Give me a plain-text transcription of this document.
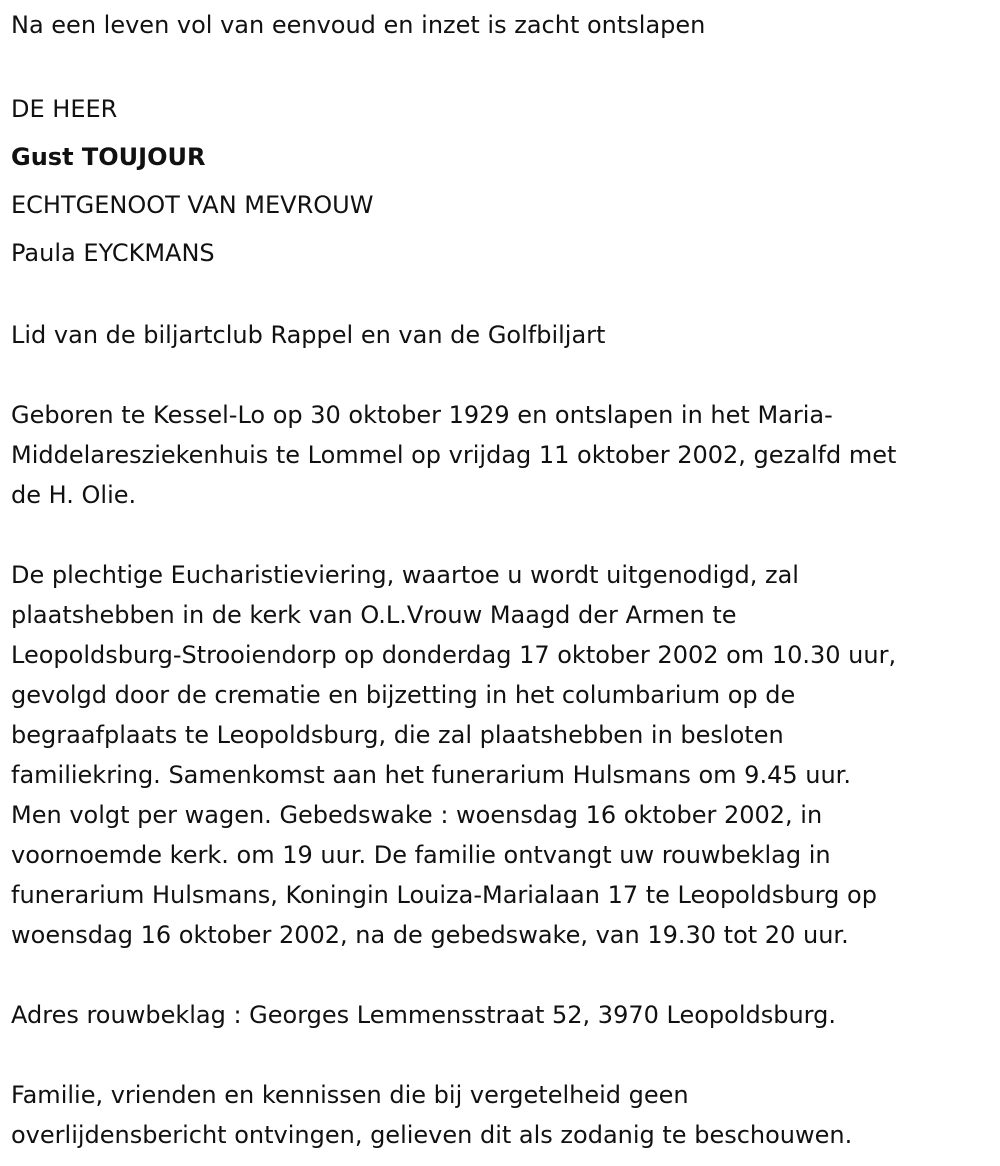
Na een leven vol van eenvoud en inzet is zacht ontslapen

DE HEER

Gust TOUJOUR

ECHTGENOOT VAN MEVROUW

Paula EYCKMANS

Lid van de biljartclub Rappel en van de Golfbiljart

Geboren te Kessel-Lo op 30 oktober 1929 en ontslapen in het Maria-

Middelaresziekenhuis te Lommel op vrijdag 11 oktober 2002, gezalfd met

de H. Olie.

De plechtige Eucharistieviering, waartoe u wordt uitgenodigd, zal

plaatshebben in de kerk van O.L.Vrouw Maagd der Armen te

Leopoldsburg-Strooiendorp op donderdag 17 oktober 2002 om 10.30 uur,

gevolgd door de crematie en bijzetting in het columbarium op de

begraafplaats te Leopoldsburg, die zal plaatshebben in besloten

familiekring. Samenkomst aan het funerarium Hulsmans om 9.45 uur.

Men volgt per wagen. Gebedswake : woensdag 16 oktober 2002, in

voornoemde kerk. om 19 uur. De familie ontvangt uw rouwbeklag in

funerarium Hulsmans, Koningin Louiza-Marialaan 17 te Leopoldsburg op

woensdag 16 oktober 2002, na de gebedswake, van 19.30 tot 20 uur.

Adres rouwbeklag : Georges Lemmensstraat 52, 3970 Leopoldsburg.

Familie, vrienden en kennissen die bij vergetelheid geen

overlijdensbericht ontvingen, gelieven dit als zodanig te beschouwen.
